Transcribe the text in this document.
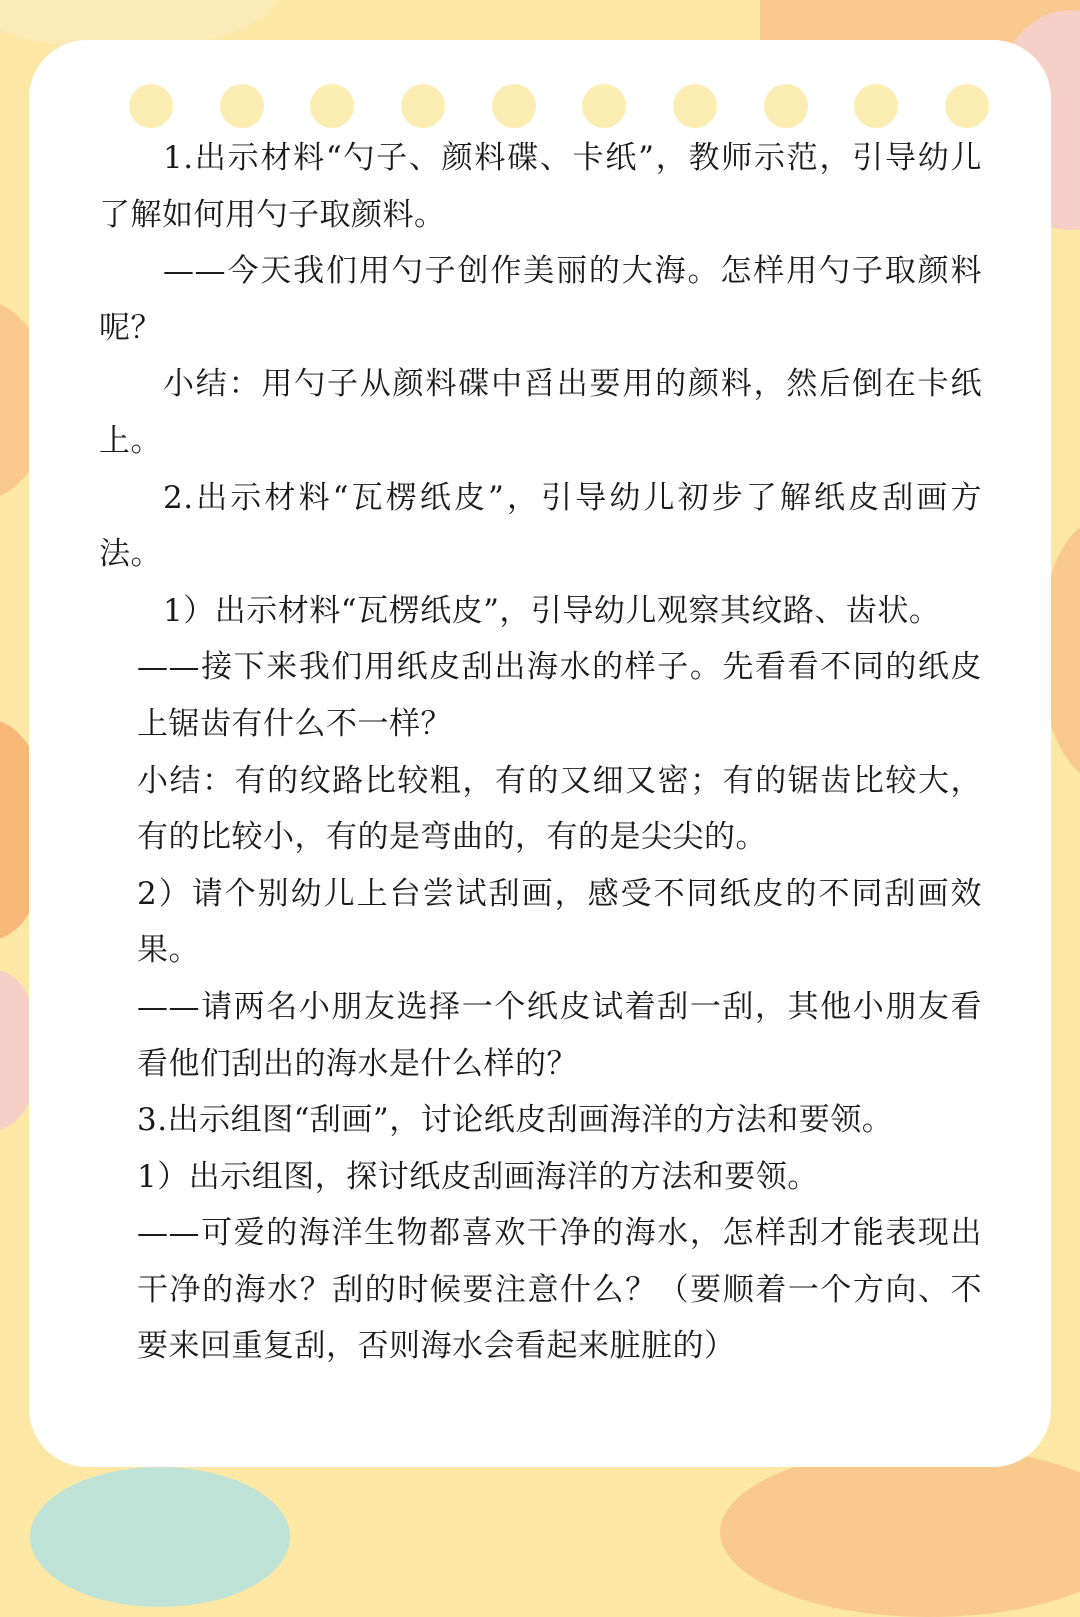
1.出示材料“勺子、颜料碟、卡纸”，教师示范，引导幼儿了解如何用勺子取颜料。

——今天我们用勺子创作美丽的大海。怎样用勺子取颜料呢？

小结：用勺子从颜料碟中舀出要用的颜料，然后倒在卡纸上。

2.出示材料“瓦楞纸皮”，引导幼儿初步了解纸皮刮画方法。

1）出示材料“瓦楞纸皮”，引导幼儿观察其纹路、齿状。

——接下来我们用纸皮刮出海水的样子。先看看不同的纸皮上锯齿有什么不一样？

小结：有的纹路比较粗，有的又细又密；有的锯齿比较大，有的比较小，有的是弯曲的，有的是尖尖的。

2）请个别幼儿上台尝试刮画，感受不同纸皮的不同刮画效果。

——请两名小朋友选择一个纸皮试着刮一刮，其他小朋友看看他们刮出的海水是什么样的？

3.出示组图“刮画”，讨论纸皮刮画海洋的方法和要领。

1）出示组图，探讨纸皮刮画海洋的方法和要领。

——可爱的海洋生物都喜欢干净的海水，怎样刮才能表现出干净的海水？刮的时候要注意什么？（要顺着一个方向、不要来回重复刮，否则海水会看起来脏脏的）
